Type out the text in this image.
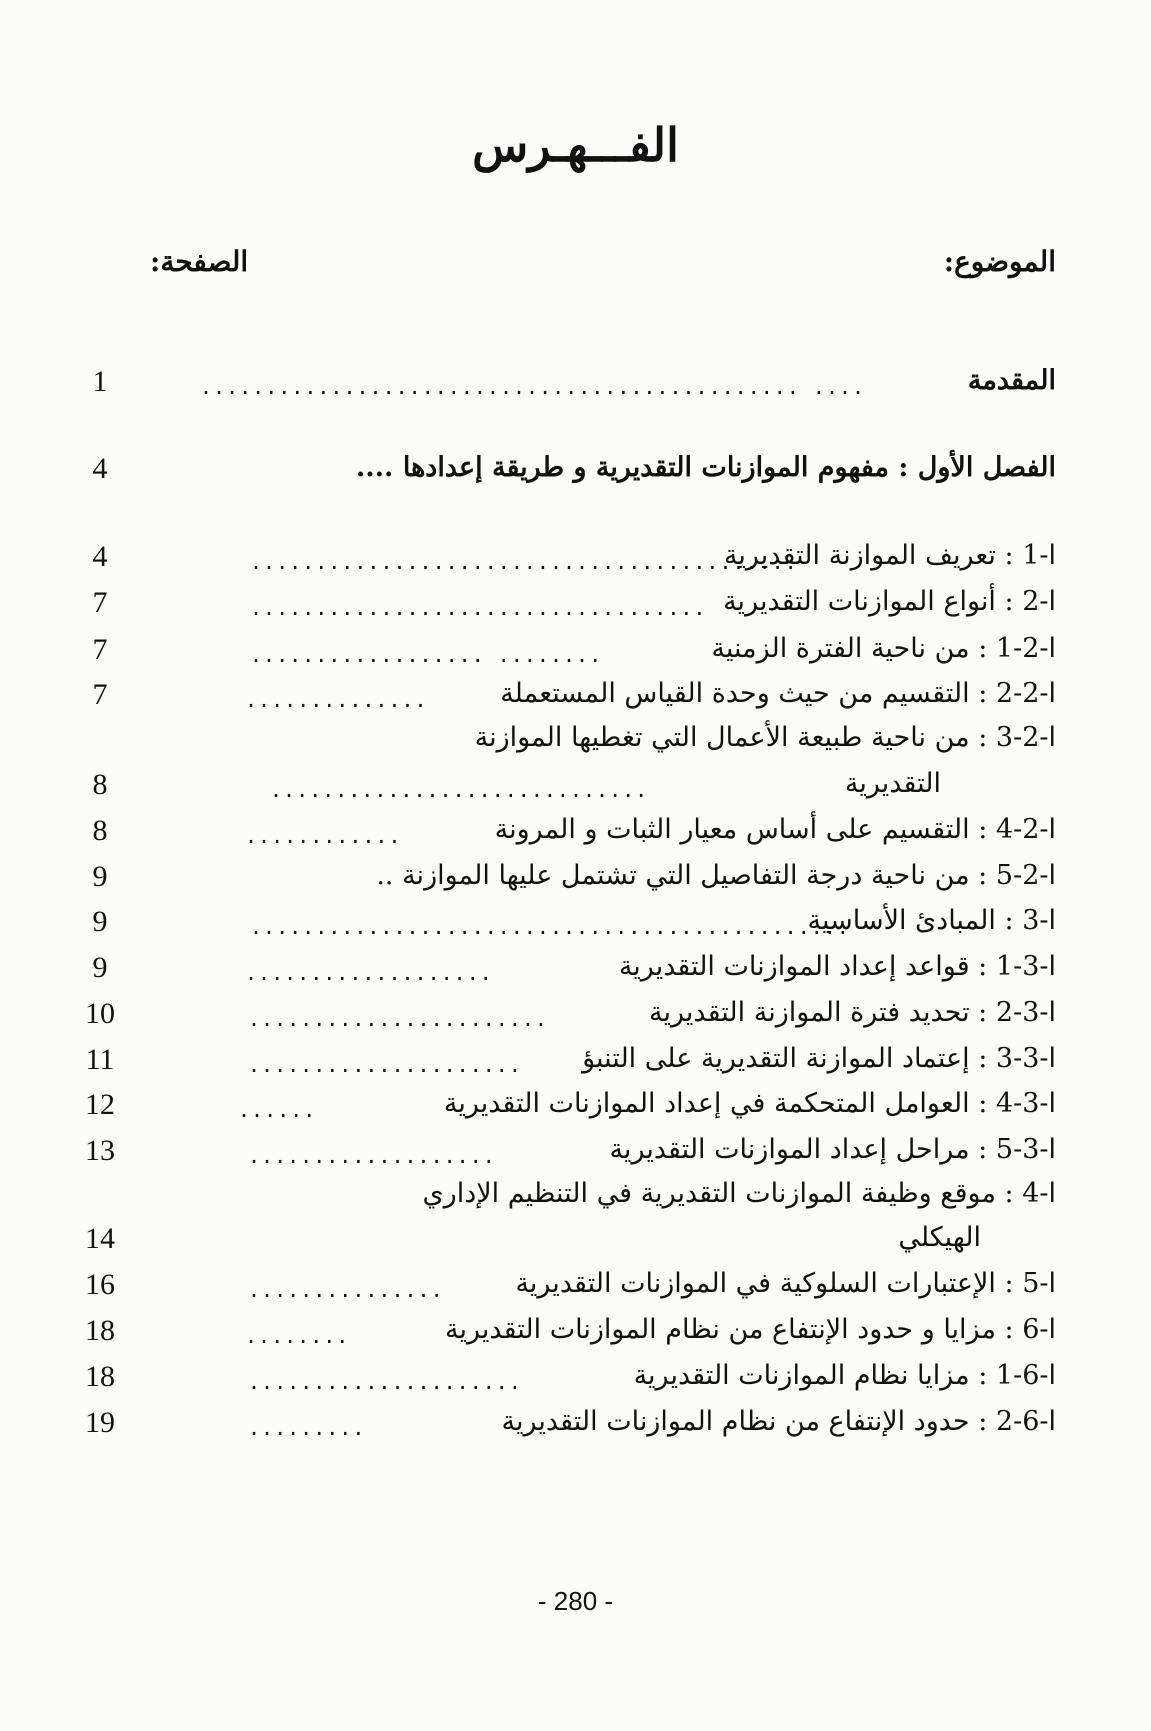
الفـــهـرس
الموضوع:
الصفحة:
المقدمة
.............................................. ....
1
الفصل الأول : مفهوم الموازنات التقديرية و طريقة إعدادها ....
4
ا-1 : تعريف الموازنة التقديرية
..........................................
4
ا-2 : أنواع الموازنات التقديرية
...................................
7
ا-2-1 : من ناحية الفترة الزمنية
.................. ........
7
ا-2-2 : التقسيم من حيث وحدة القياس المستعملة
..............
7
ا-2-3 : من ناحية طبيعة الأعمال التي تغطيها الموازنة
التقديرية
.............................
8
ا-2-4 : التقسيم على أساس معيار الثبات و المرونة
............
8
ا-2-5 : من ناحية درجة التفاصيل التي تشتمل عليها الموازنة ..
9
ا-3 : المبادئ الأساسية
..............................................
9
ا-3-1 : قواعد إعداد الموازنات التقديرية
...................
9
ا-3-2 : تحديد فترة الموازنة التقديرية
.......................
10
ا-3-3 : إعتماد الموازنة التقديرية على التنبؤ
.....................
11
ا-3-4 : العوامل المتحكمة في إعداد الموازنات التقديرية
......
12
ا-3-5 : مراحل إعداد الموازنات التقديرية
...................
13
ا-4 : موقع وظيفة الموازنات التقديرية في التنظيم الإداري
الهيكلي
14
ا-5 : الإعتبارات السلوكية في الموازنات التقديرية
...............
16
ا-6 : مزايا و حدود الإنتفاع من نظام الموازنات التقديرية
........
18
ا-6-1 : مزايا نظام الموازنات التقديرية
.....................
18
ا-6-2 : حدود الإنتفاع من نظام الموازنات التقديرية
.........
19
- 280 -
